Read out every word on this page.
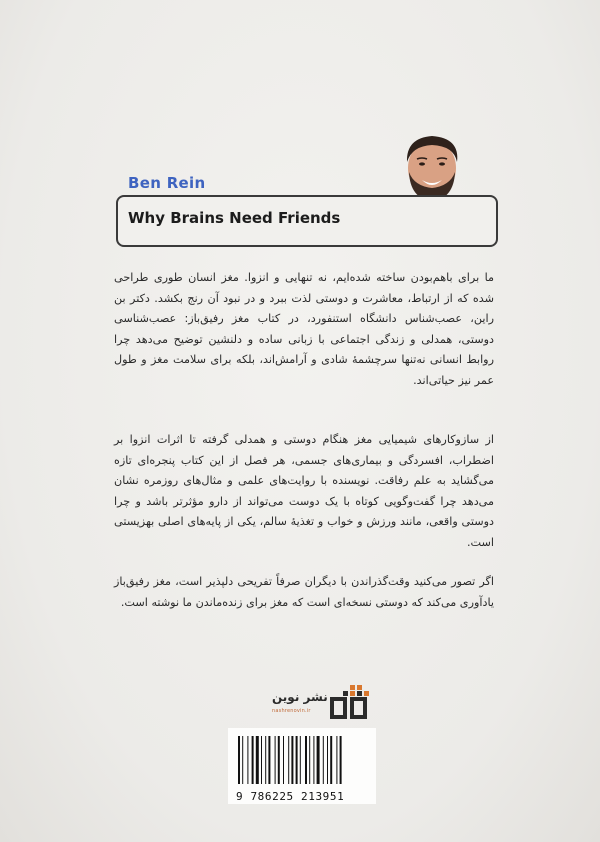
Ben Rein
Why Brains Need Friends

ما برای باهم‌بودن ساخته شده‌ایم، نه تنهایی و انزوا. مغز انسان طوری طراحی شده که از ارتباط، معاشرت و دوستی لذت ببرد و در نبود آن رنج بکشد. دکتر بن راین، عصب‌شناس دانشگاه استنفورد، در کتاب مغز رفیق‌باز: عصب‌شناسی دوستی، همدلی و زندگی اجتماعی با زبانی ساده و دلنشین توضیح می‌دهد چرا روابط انسانی نه‌تنها سرچشمهٔ شادی و آرامش‌اند، بلکه برای سلامت مغز و طول عمر نیز حیاتی‌اند.

از سازوکارهای شیمیایی مغز هنگام دوستی و همدلی گرفته تا اثرات انزوا بر اضطراب، افسردگی و بیماری‌های جسمی، هر فصل از این کتاب پنجره‌ای تازه می‌گشاید به علم رفاقت. نویسنده با روایت‌های علمی و مثال‌های روزمره نشان می‌دهد چرا گفت‌وگویی کوتاه با یک دوست می‌تواند از دارو مؤثرتر باشد و چرا دوستی واقعی، مانند ورزش و خواب و تغذیهٔ سالم، یکی از پایه‌های اصلی بهزیستی است.

اگر تصور می‌کنید وقت‌گذراندن با دیگران صرفاً تفریحی دلپذیر است، مغز رفیق‌باز یادآوری می‌کند که دوستی نسخه‌ای است که مغز برای زنده‌ماندن ما نوشته است.

نشر نوین
nashrenovin.ir
9 786225 213951
